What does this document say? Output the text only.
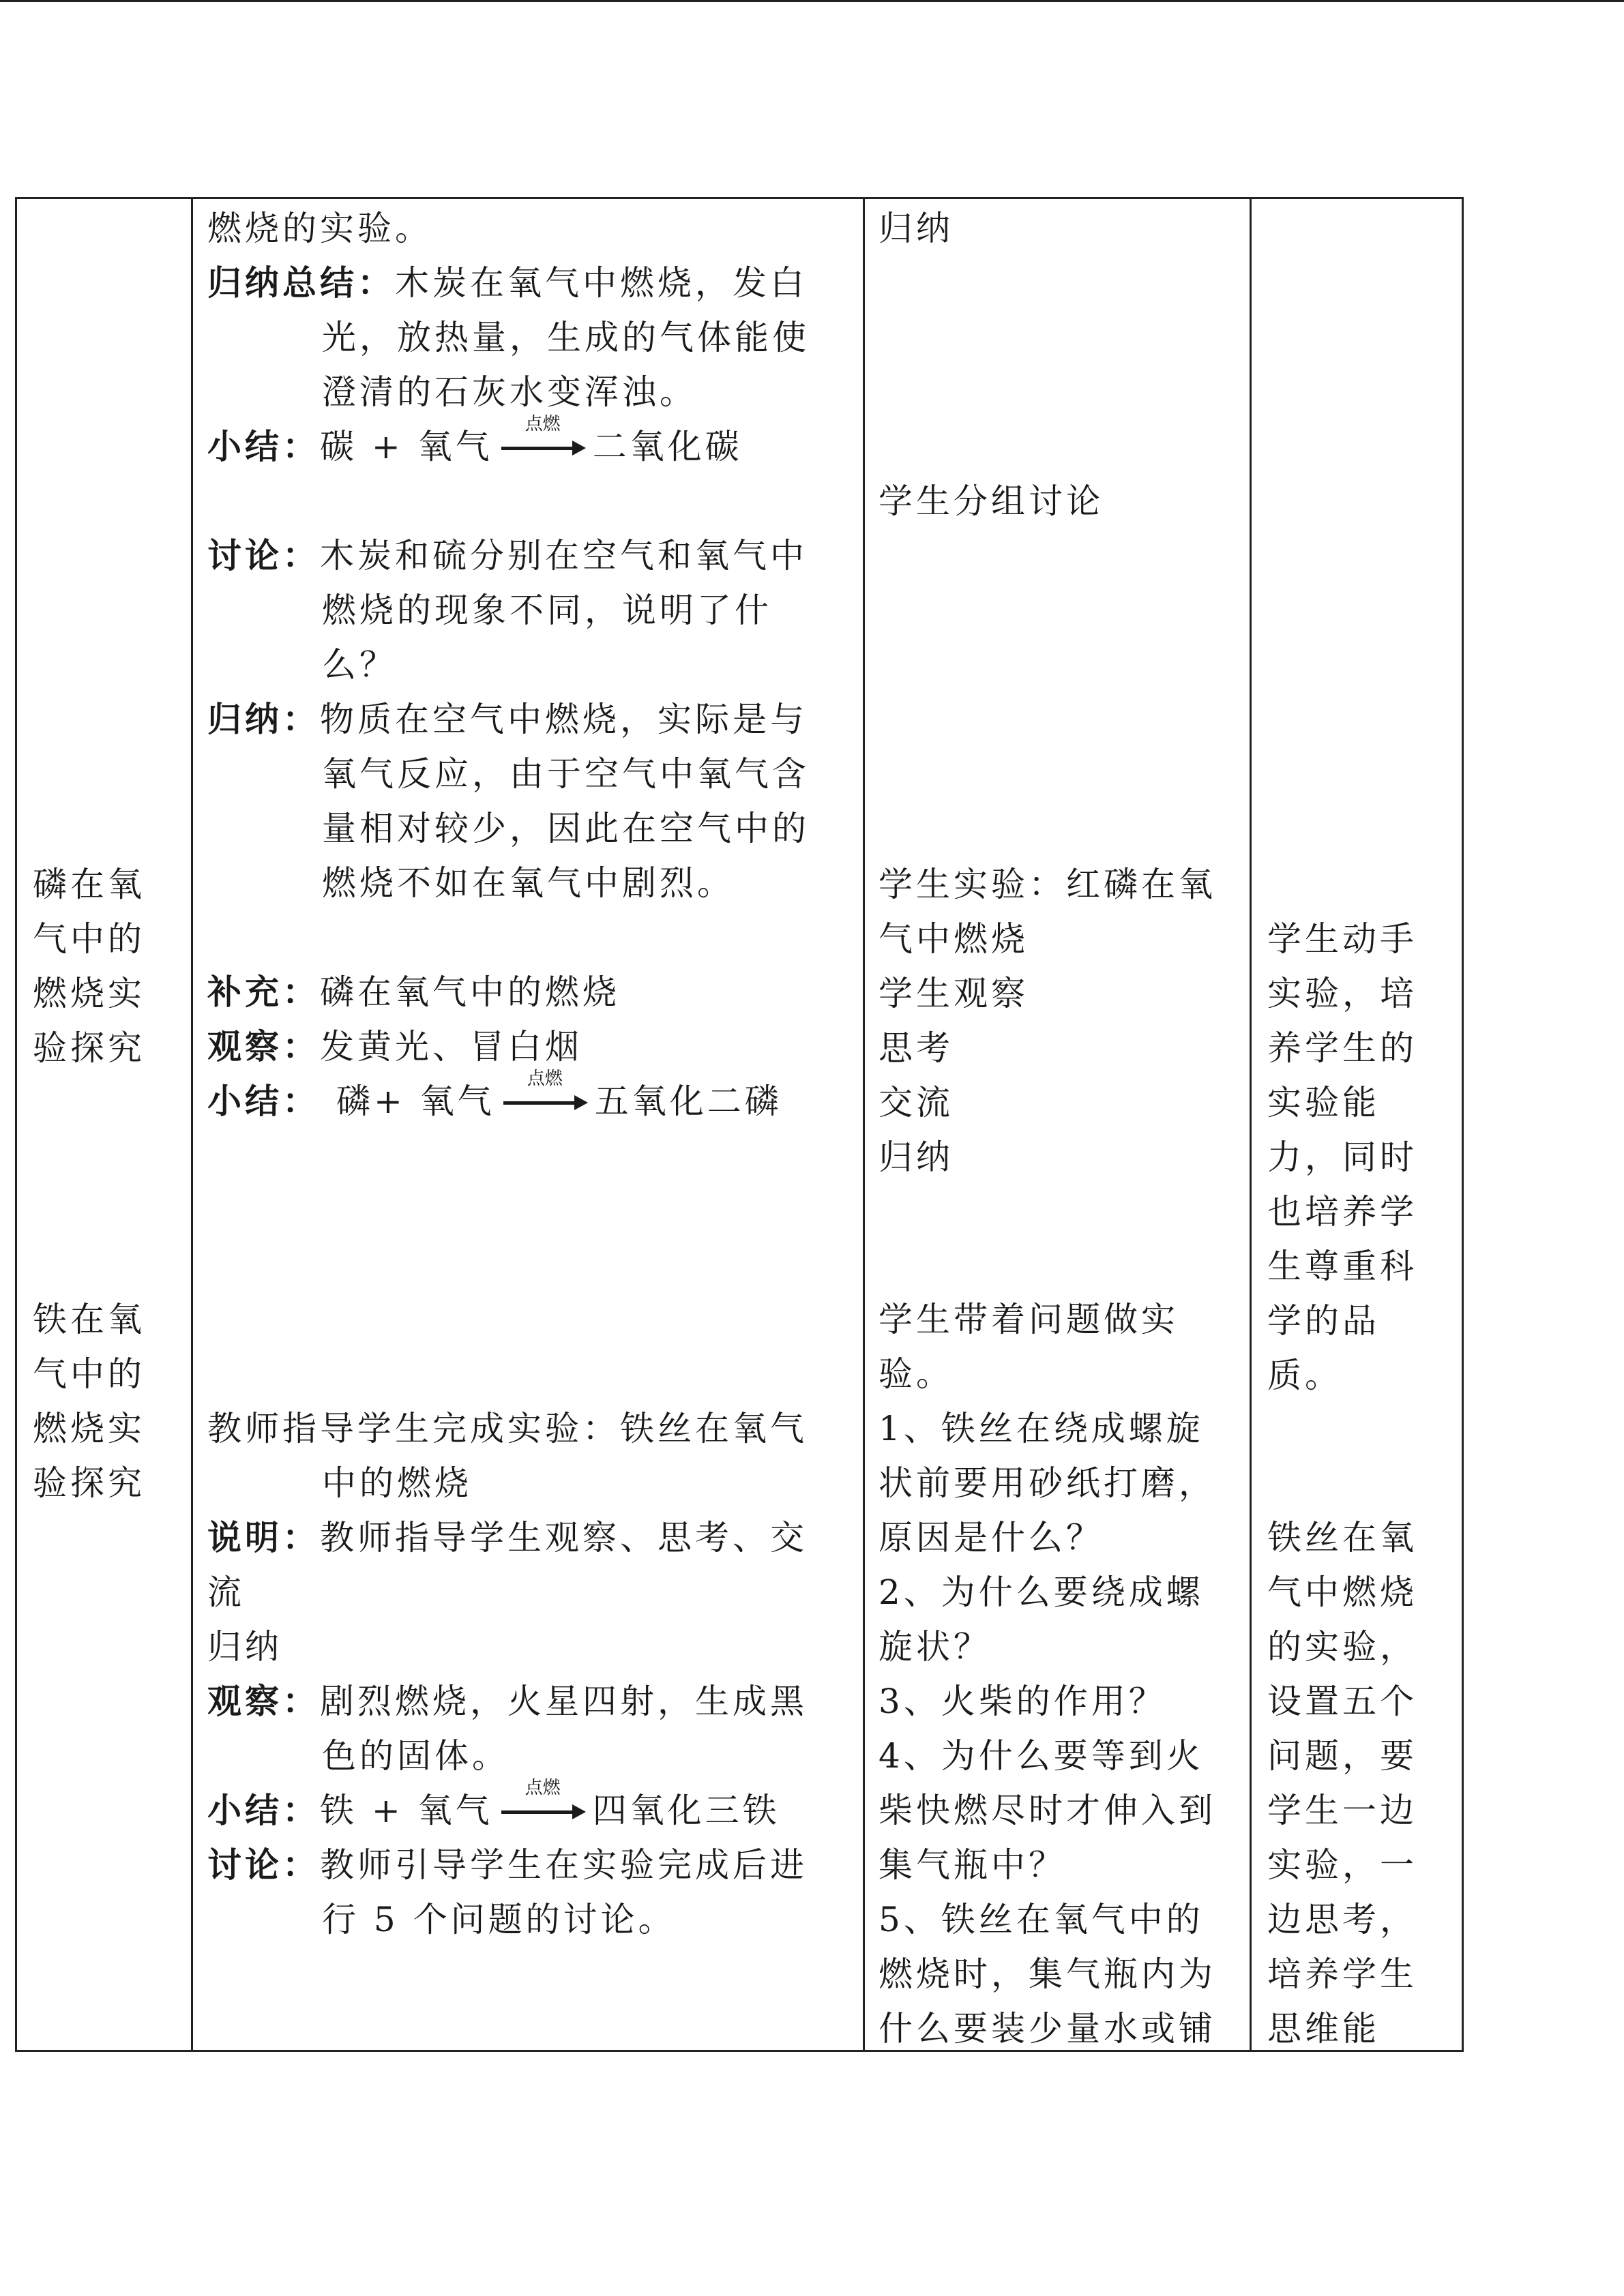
磷在氧
气中的
燃烧实
验探究
铁在氧
气中的
燃烧实
验探究
燃烧的实验。
归纳总结：木炭在氧气中燃烧，发白
光，放热量，生成的气体能使
澄清的石灰水变浑浊。
小结：碳 + 氧气
点燃
二氧化碳
讨论：木炭和硫分别在空气和氧气中
燃烧的现象不同，说明了什
么？
归纳：物质在空气中燃烧，实际是与
氧气反应，由于空气中氧气含
量相对较少，因此在空气中的
燃烧不如在氧气中剧烈。
补充：磷在氧气中的燃烧
观察：发黄光、冒白烟
小结： 磷+ 氧气
点燃
五氧化二磷
教师指导学生完成实验：铁丝在氧气
中的燃烧
说明：教师指导学生观察、思考、交
流
归纳
观察：剧烈燃烧，火星四射，生成黑
色的固体。
小结：铁 + 氧气
点燃
四氧化三铁
讨论：教师引导学生在实验完成后进
行 5 个问题的讨论。
归纳
学生分组讨论
学生实验：红磷在氧
气中燃烧
学生观察
思考
交流
归纳
学生带着问题做实
验。
1、铁丝在绕成螺旋
状前要用砂纸打磨，
原因是什么？
2、为什么要绕成螺
旋状？
3、火柴的作用？
4、为什么要等到火
柴快燃尽时才伸入到
集气瓶中？
5、铁丝在氧气中的
燃烧时，集气瓶内为
什么要装少量水或铺
学生动手
实验，培
养学生的
实验能
力，同时
也培养学
生尊重科
学的品
质。
铁丝在氧
气中燃烧
的实验，
设置五个
问题，要
学生一边
实验，一
边思考，
培养学生
思维能
